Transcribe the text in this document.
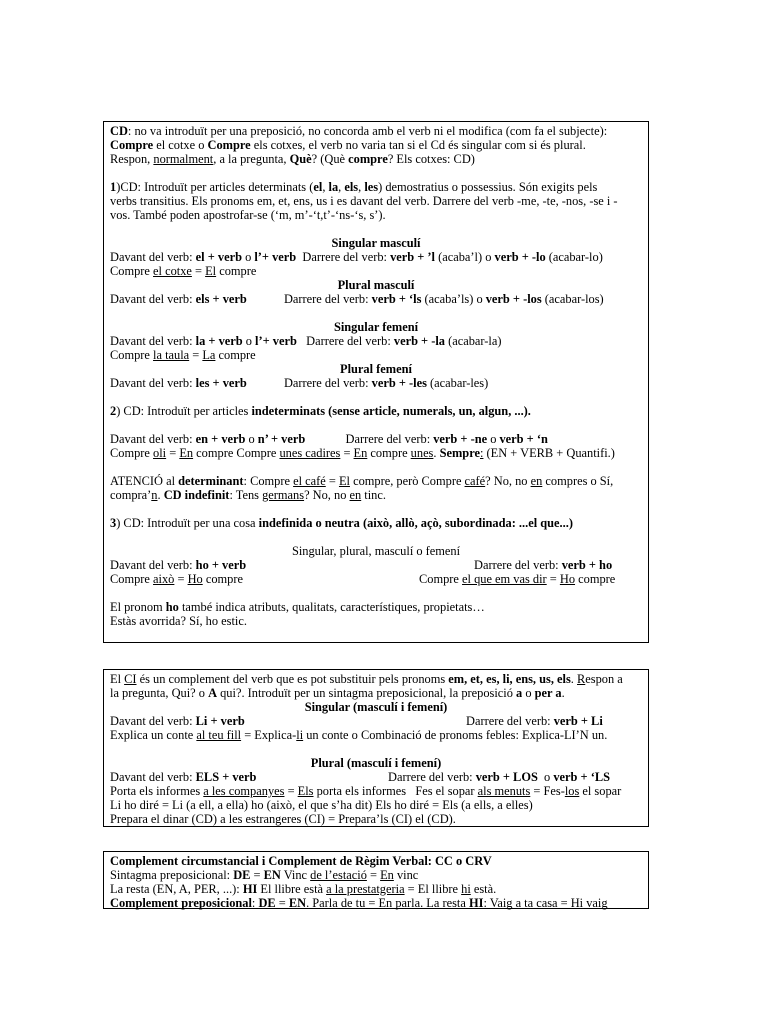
CD: no va introduït per una preposició, no concorda amb el verb ni el modifica (com fa el subjecte):
Compre el cotxe o Compre els cotxes, el verb no varia tan si el Cd és singular com si és plural.
Respon, normalment, a la pregunta, Què? (Què compre? Els cotxes: CD)
1)CD: Introduït per articles determinats (el, la, els, les) demostratius o possessius. Són exigits pels
verbs transitius. Els pronoms em, et, ens, us i es davant del verb. Darrere del verb -me, -te, -nos, -se i -
vos. També poden apostrofar-se (‘m, m’-‘t,t’-‘ns-‘s, s’).
Singular masculí
Davant del verb: el + verb o l’+ verb  Darrere del verb: verb + ’l (acaba’l) o verb + -lo (acabar-lo)
Compre el cotxe = El compre
Plural masculí
Davant del verb: els + verb            Darrere del verb: verb + ‘ls (acaba’ls) o verb + -los (acabar-los)
Singular femení
Davant del verb: la + verb o l’+ verb   Darrere del verb: verb + -la (acabar-la)
Compre la taula = La compre
Plural femení
Davant del verb: les + verb            Darrere del verb: verb + -les (acabar-les)
2) CD: Introduït per articles indeterminats (sense article, numerals, un, algun, ...).
Davant del verb: en + verb o n’ + verb             Darrere del verb: verb + -ne o verb + ‘n
Compre oli = En compre Compre unes cadires = En compre unes. Sempre: (EN + VERB + Quantifi.)
ATENCIÓ al determinant: Compre el café = El compre, però Compre café? No, no en compres o Sí,
compra’n. CD indefinit: Tens germans? No, no en tinc.
3) CD: Introduït per una cosa indefinida o neutra (això, allò, açò, subordinada: ...el que...)
Singular, plural, masculí o femení
Davant del verb: ho + verb	Darrere del verb: verb + ho
Compre això = Ho compre	Compre el que em vas dir = Ho compre
El pronom ho també indica atributs, qualitats, característiques, propietats…
Estàs avorrida? Sí, ho estic.
El CI és un complement del verb que es pot substituir pels pronoms em, et, es, li, ens, us, els. Respon a
la pregunta, Qui? o A qui?. Introduït per un sintagma preposicional, la preposició a o per a.
Singular (masculí i femení)
Davant del verb: Li + verb	Darrere del verb: verb + Li
Explica un conte al teu fill = Explica-li un conte o Combinació de pronoms febles: Explica-LI’N un.
Plural (masculí i femení)
Davant del verb: ELS + verb	Darrere del verb: verb + LOS  o verb + ‘LS
Porta els informes a les companyes = Els porta els informes   Fes el sopar als menuts = Fes-los el sopar
Li ho diré = Li (a ell, a ella) ho (això, el que s’ha dit) Els ho diré = Els (a ells, a elles)
Prepara el dinar (CD) a les estrangeres (CI) = Prepara’ls (CI) el (CD).
Complement circumstancial i Complement de Règim Verbal: CC o CRV
Sintagma preposicional: DE = EN Vinc de l’estació = En vinc
La resta (EN, A, PER, ...): HI El llibre està a la prestatgeria = El llibre hi està.
Complement preposicional: DE = EN. Parla de tu = En parla. La resta HI: Vaig a ta casa = Hi vaig
